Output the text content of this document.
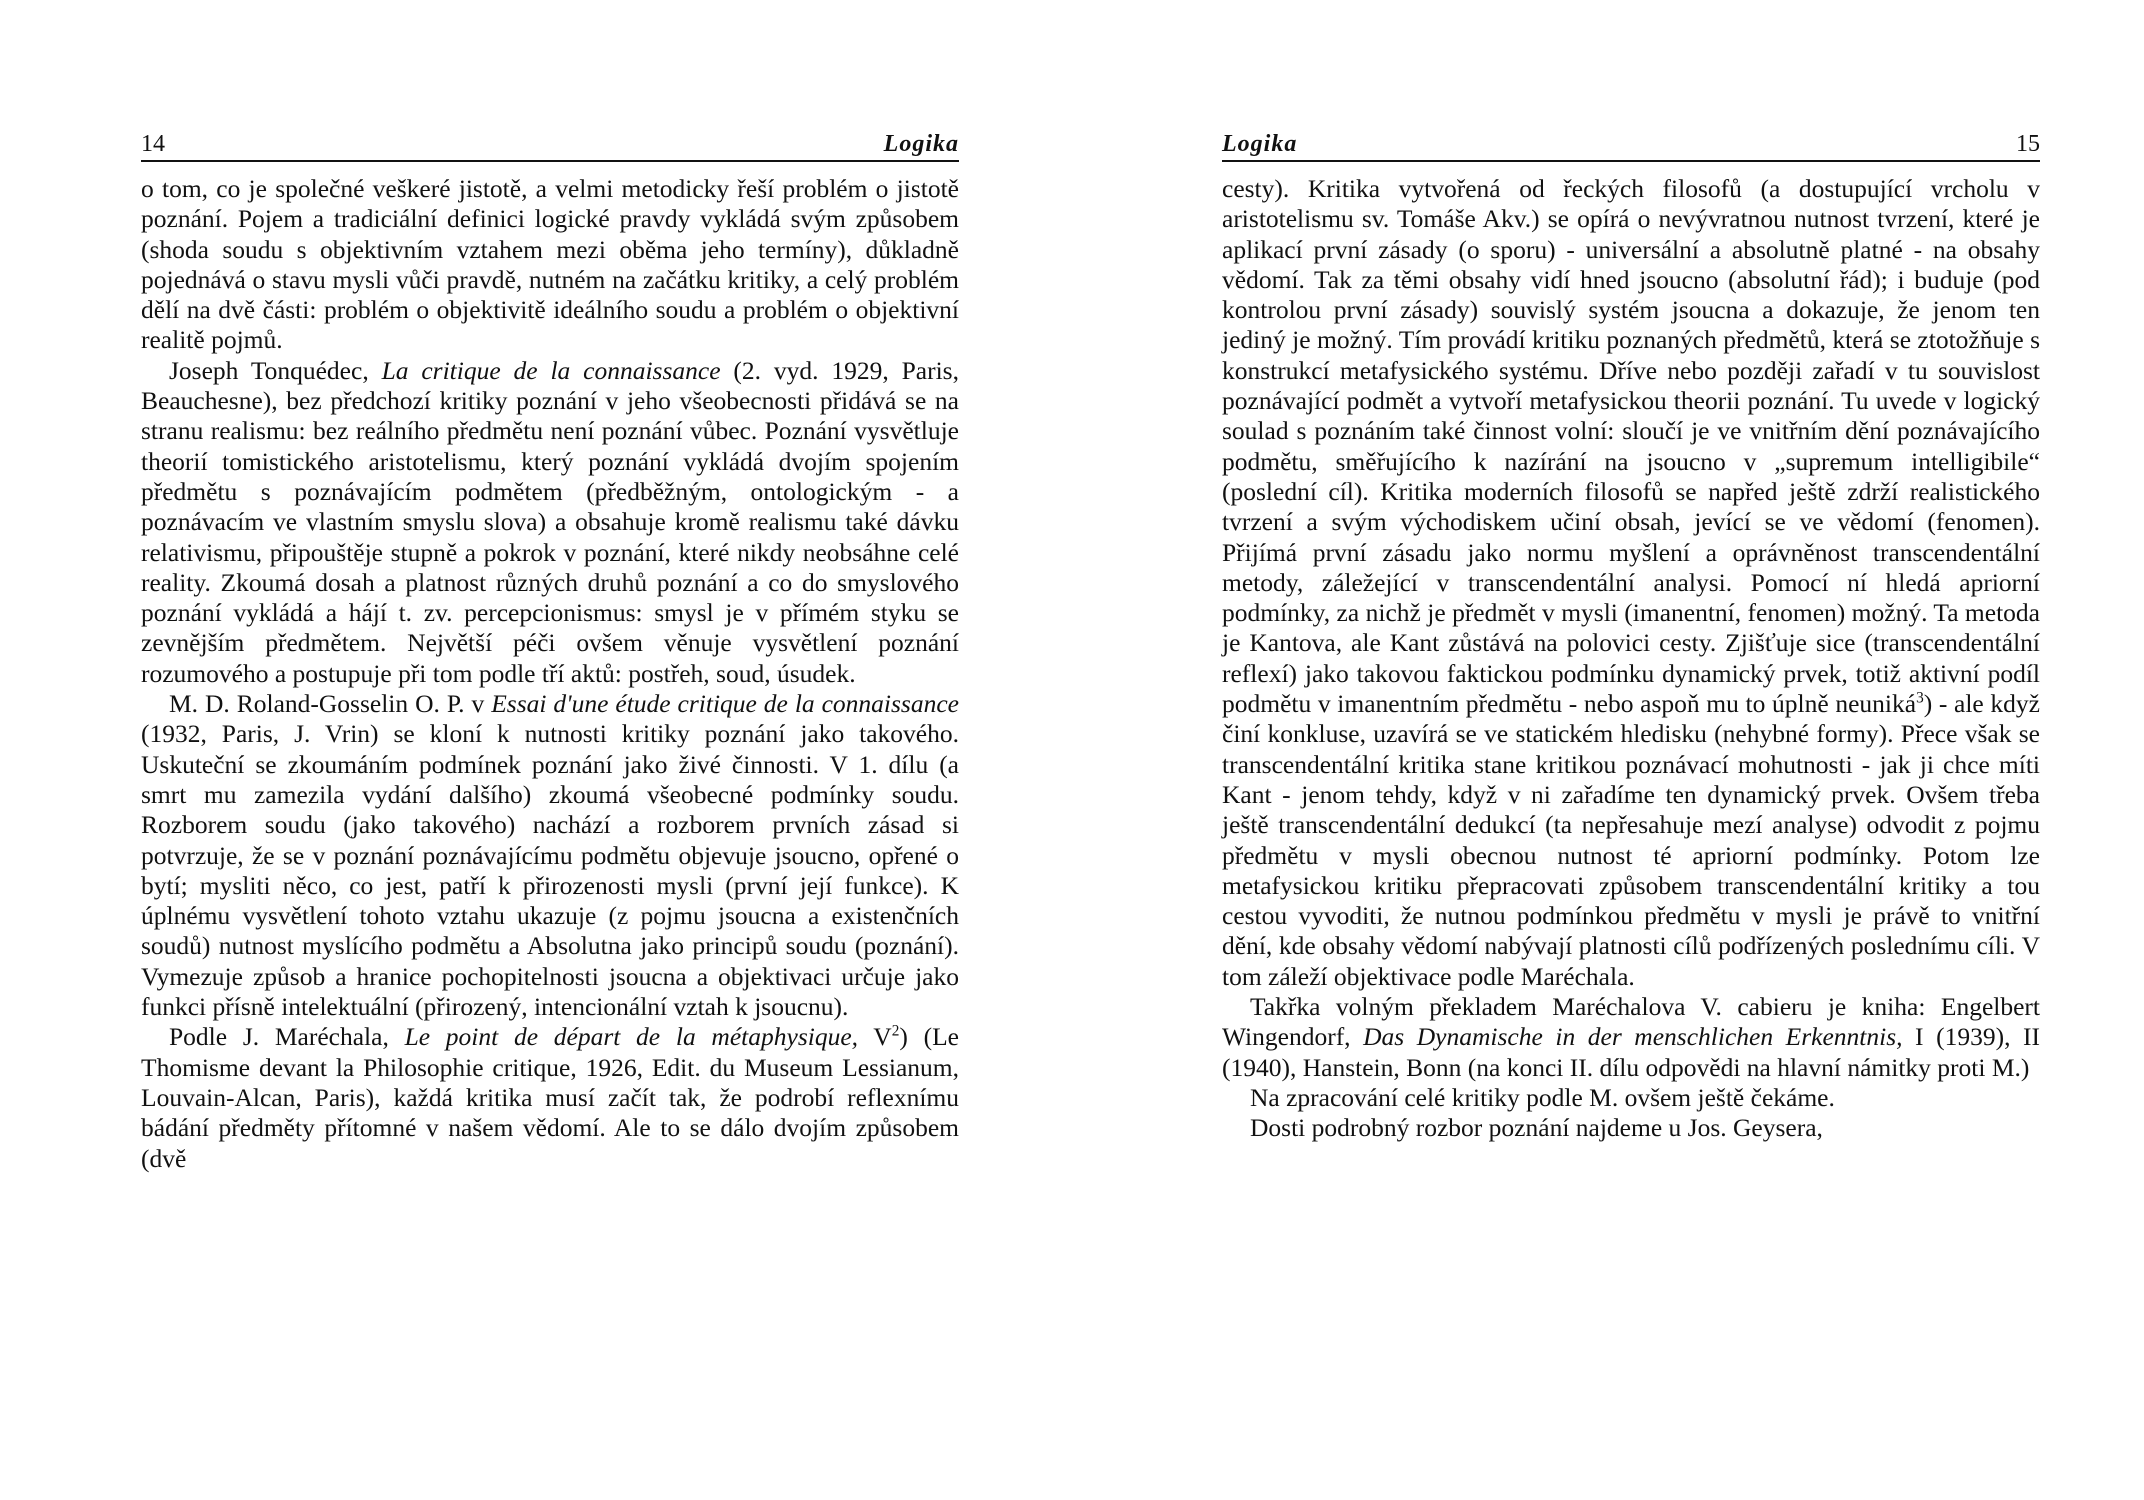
14	Logika

o tom, co je společné veškeré jistotě, a velmi metodicky řeší problém o jistotě poznání. Pojem a tradiciální definici logické pravdy vykládá svým způsobem (shoda soudu s objektivním vztahem mezi oběma jeho termíny), důkladně pojednává o stavu mysli vůči pravdě, nutném na začátku kritiky, a celý problém dělí na dvě části: problém o objektivitě ideálního soudu a problém o objektivní realitě pojmů.

Joseph Tonquédec, La critique de la connaissance (2. vyd. 1929, Paris, Beauchesne), bez předchozí kritiky poznání v jeho všeobecnosti přidává se na stranu realismu: bez reálního předmětu není poznání vůbec. Poznání vysvětluje theorií tomistického aristotelismu, který poznání vykládá dvojím spojením předmětu s poznávajícím podmětem (předběžným, ontologickým - a poznávacím ve vlastním smyslu slova) a obsahuje kromě realismu také dávku relativismu, připouštěje stupně a pokrok v poznání, které nikdy neobsáhne celé reality. Zkoumá dosah a platnost různých druhů poznání a co do smyslového poznání vykládá a hájí t. zv. percepcionismus: smysl je v přímém styku se zevnějším předmětem. Největší péči ovšem věnuje vysvětlení poznání rozumového a postupuje při tom podle tří aktů: postřeh, soud, úsudek.

M. D. Roland-Gosselin O. P. v Essai d'une étude critique de la connaissance (1932, Paris, J. Vrin) se kloní k nutnosti kritiky poznání jako takového. Uskuteční se zkoumáním podmínek poznání jako živé činnosti. V 1. dílu (a smrt mu zamezila vydání dalšího) zkoumá všeobecné podmínky soudu. Rozborem soudu (jako takového) nachází a rozborem prvních zásad si potvrzuje, že se v poznání poznávajícímu podmětu objevuje jsoucno, opřené o bytí; mysliti něco, co jest, patří k přirozenosti mysli (první její funkce). K úplnému vysvětlení tohoto vztahu ukazuje (z pojmu jsoucna a existenčních soudů) nutnost myslícího podmětu a Absolutna jako principů soudu (poznání). Vymezuje způsob a hranice pochopitelnosti jsoucna a objektivaci určuje jako funkci přísně intelektuální (přirozený, intencionální vztah k jsoucnu).

Podle J. Maréchala, Le point de départ de la métaphysique, $V^2$) (Le Thomisme devant la Philosophie critique, 1926, Edit. du Museum Lessianum, Louvain-Alcan, Paris), každá kritika musí začít tak, že podrobí reflexnímu bádání předměty přítomné v našem vědomí. Ale to se dálo dvojím způsobem (dvě

Logika	15

cesty). Kritika vytvořená od řeckých filosofů (a dostupující vrcholu v aristotelismu sv. Tomáše Akv.) se opírá o nevývratnou nutnost tvrzení, které je aplikací první zásady (o sporu) - universální a absolutně platné - na obsahy vědomí. Tak za těmi obsahy vidí hned jsoucno (absolutní řád); i buduje (pod kontrolou první zásady) souvislý systém jsoucna a dokazuje, že jenom ten jediný je možný. Tím provádí kritiku poznaných předmětů, která se ztotožňuje s konstrukcí metafysického systému. Dříve nebo později zařadí v tu souvislost poznávající podmět a vytvoří metafysickou theorii poznání. Tu uvede v logický soulad s poznáním také činnost volní: sloučí je ve vnitřním dění poznávajícího podmětu, směřujícího k nazírání na jsoucno v „supremum intelligibile“ (poslední cíl). Kritika moderních filosofů se napřed ještě zdrží realistického tvrzení a svým východiskem učiní obsah, jevící se ve vědomí (fenomen). Přijímá první zásadu jako normu myšlení a oprávněnost transcendentální metody, záležející v transcendentální analysi. Pomocí ní hledá apriorní podmínky, za nichž je předmět v mysli (imanentní, fenomen) možný. Ta metoda je Kantova, ale Kant zůstává na polovici cesty. Zjišťuje sice (transcendentální reflexí) jako takovou faktickou podmínku dynamický prvek, totiž aktivní podíl podmětu v imanentním předmětu - nebo aspoň mu to úplně neuniká$^3$) - ale když činí konkluse, uzavírá se ve statickém hledisku (nehybné formy). Přece však se transcendentální kritika stane kritikou poznávací mohutnosti - jak ji chce míti Kant - jenom tehdy, když v ni zařadíme ten dynamický prvek. Ovšem třeba ještě transcendentální dedukcí (ta nepřesahuje mezí analyse) odvodit z pojmu předmětu v mysli obecnou nutnost té apriorní podmínky. Potom lze metafysickou kritiku přepracovati způsobem transcendentální kritiky a tou cestou vyvoditi, že nutnou podmínkou předmětu v mysli je právě to vnitřní dění, kde obsahy vědomí nabývají platnosti cílů podřízených poslednímu cíli. V tom záleží objektivace podle Maréchala.

Takřka volným překladem Maréchalova V. cabieru je kniha: Engelbert Wingendorf, Das Dynamische in der menschlichen Erkenntnis, I (1939), II (1940), Hanstein, Bonn (na konci II. dílu odpovědi na hlavní námitky proti M.)

Na zpracování celé kritiky podle M. ovšem ještě čekáme.

Dosti podrobný rozbor poznání najdeme u Jos. Geysera,
